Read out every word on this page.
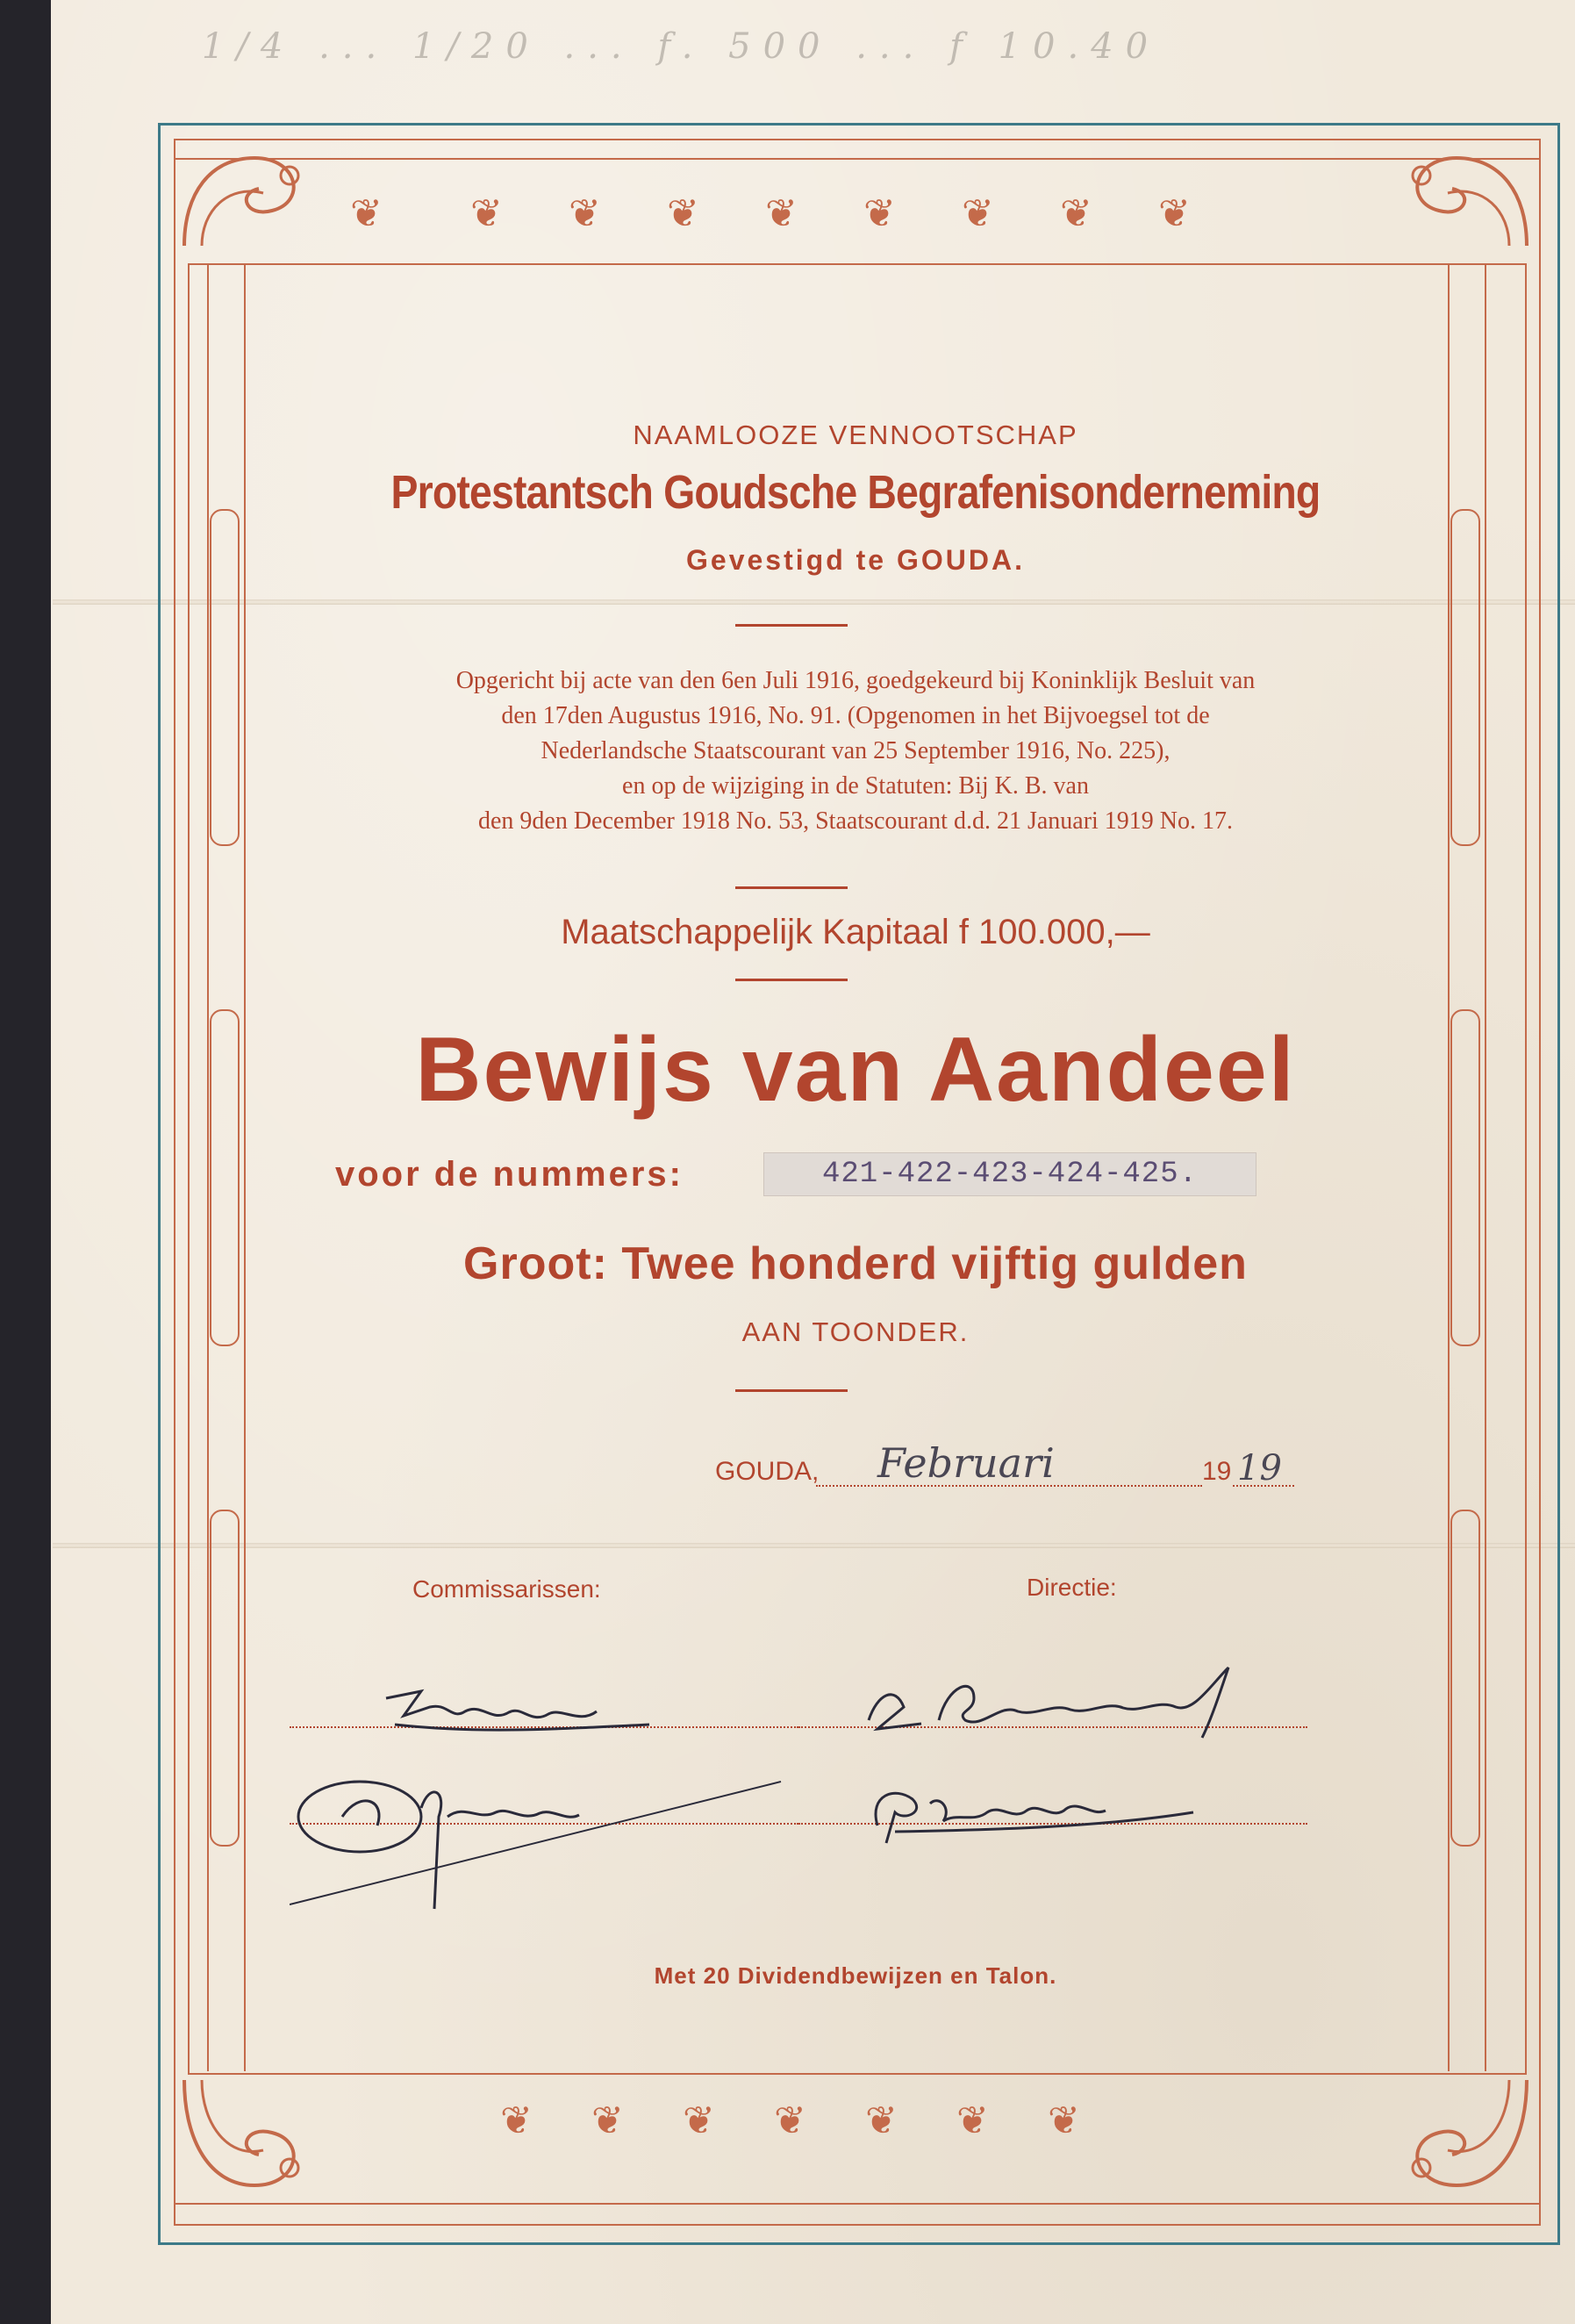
1/4 ... 1/20 ... f. 500 ... f 10.40
❦ ❦ ❦ ❦ ❦ ❦ ❦ ❦ ❦
❦ ❦ ❦ ❦ ❦ ❦ ❦
NAAMLOOZE VENNOOTSCHAP
Protestantsch Goudsche Begrafenisonderneming
Gevestigd te GOUDA.
Opgericht bij acte van den 6en Juli 1916, goedgekeurd bij Koninklijk Besluit van
den 17den Augustus 1916, No. 91. (Opgenomen in het Bijvoegsel tot de
Nederlandsche Staatscourant van 25 September 1916, No. 225),
en op de wijziging in de Statuten: Bij K. B. van
den 9den December 1918 No. 53, Staatscourant d.d. 21 Januari 1919 No. 17.
Maatschappelijk Kapitaal f 100.000,—
Bewijs van Aandeel
voor de nummers:	421-422-423-424-425.
Groot: Twee honderd vijftig gulden
AAN TOONDER.
GOUDA, Februari	19 19
Commissarissen:	Directie:
Met 20 Dividendbewijzen en Talon.
